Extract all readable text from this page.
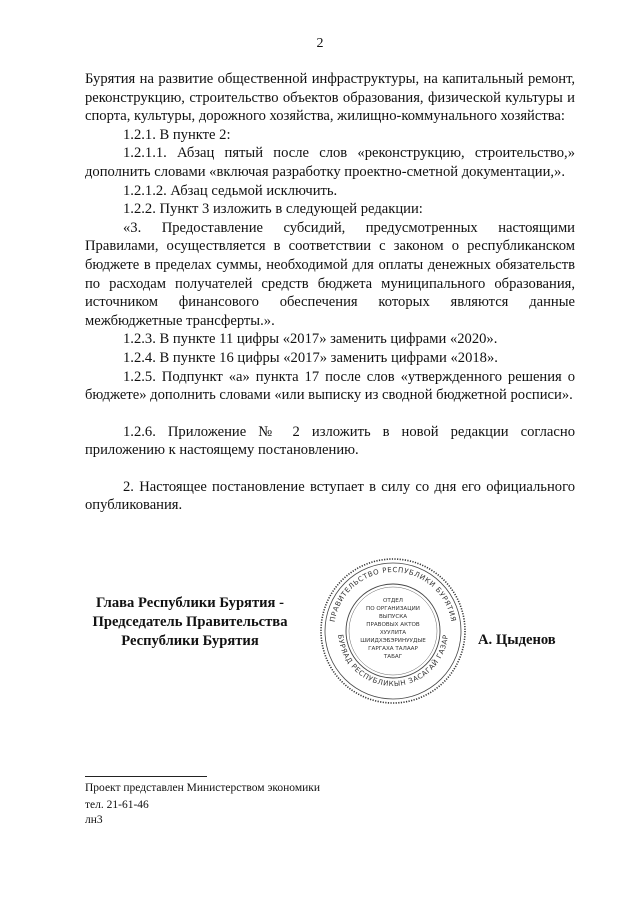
2

Бурятия на развитие общественной инфраструктуры, на капитальный ремонт, реконструкцию, строительство объектов образования, физической культуры и спорта, культуры, дорожного хозяйства, жилищно-коммунального хозяйства:

1.2.1. В пункте 2:

1.2.1.1. Абзац пятый после слов «реконструкцию, строительство,» дополнить словами «включая разработку проектно-сметной документации,».

1.2.1.2. Абзац седьмой исключить.

1.2.2. Пункт 3 изложить в следующей редакции:

«3. Предоставление субсидий, предусмотренных настоящими Правилами, осуществляется в соответствии с законом о республиканском бюджете в пределах суммы, необходимой для оплаты денежных обязательств по расходам получателей средств бюджета муниципального образования, источником финансового обеспечения которых являются данные межбюджетные трансферты.».

1.2.3. В пункте 11 цифры «2017» заменить цифрами «2020».

1.2.4. В пункте 16 цифры «2017» заменить цифрами «2018».

1.2.5. Подпункт «а» пункта 17 после слов «утвержденного решения о бюджете» дополнить словами «или выписку из сводной бюджетной росписи».

1.2.6. Приложение № 2 изложить в новой редакции согласно приложению к настоящему постановлению.

2. Настоящее постановление вступает в силу со дня его официального опубликования.

Глава Республики Бурятия -
Председатель Правительства
Республики Бурятия
ПРАВИТЕЛЬСТВО РЕСПУБЛИКИ БУРЯТИЯ
БУРЯАД РЕСПУБЛИКЫН ЗАСАГАЙ ГАЗАР
ОТДЕЛ
ПО ОРГАНИЗАЦИИ
ВЫПУСКА
ПРАВОВЫХ АКТОВ
ХУУЛИТА
ШИИДХЭБЭРИНУУДЫЕ
ГАРГАХА ТАЛААР
ТАБАГ
А. Цыденов
Проект представлен Министерством экономики
тел. 21-61-46
лн3
